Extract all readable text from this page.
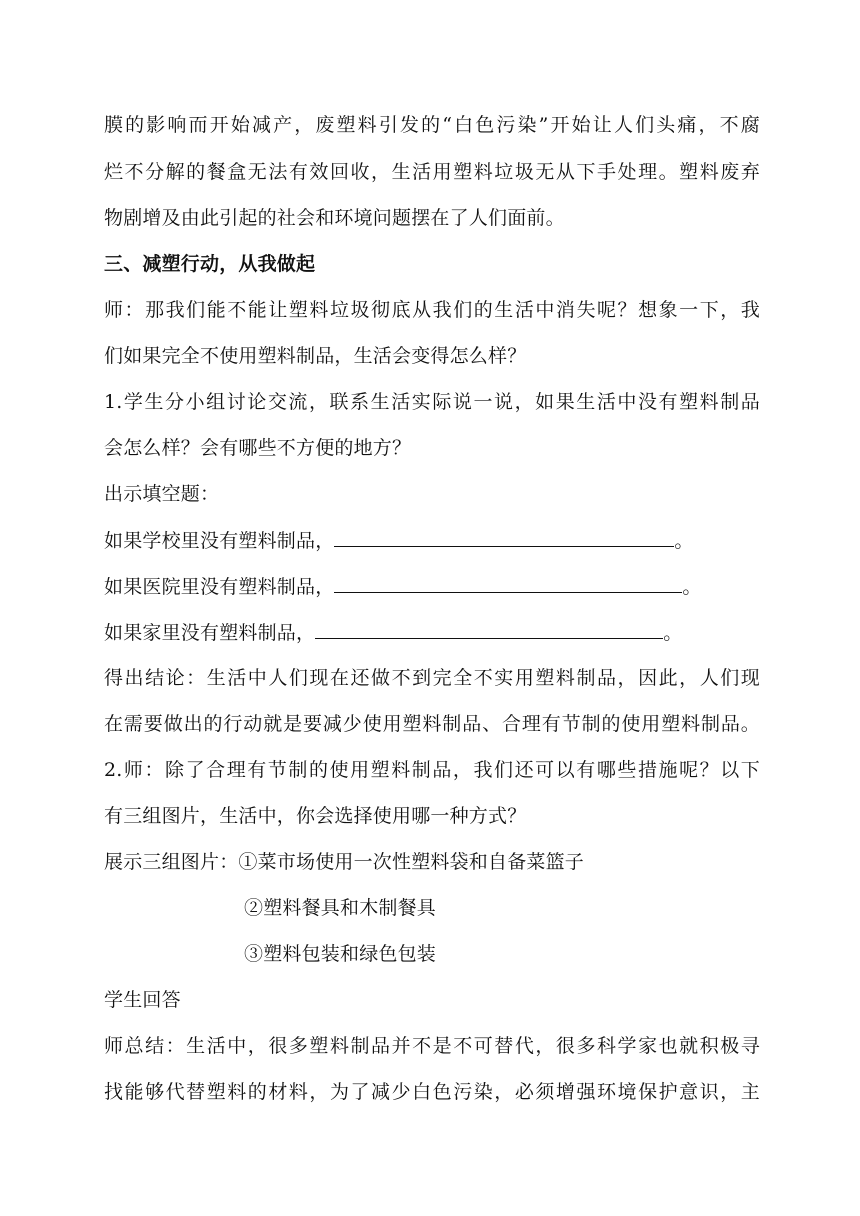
膜的影响而开始减产，废塑料引发的“白色污染”开始让人们头痛，不腐
烂不分解的餐盒无法有效回收，生活用塑料垃圾无从下手处理。塑料废弃
物剧增及由此引起的社会和环境问题摆在了人们面前。
三、减塑行动，从我做起
师：那我们能不能让塑料垃圾彻底从我们的生活中消失呢？想象一下，我
们如果完全不使用塑料制品，生活会变得怎么样？
1.学生分小组讨论交流，联系生活实际说一说，如果生活中没有塑料制品
会怎么样？会有哪些不方便的地方？
出示填空题：
如果学校里没有塑料制品，	。
如果医院里没有塑料制品，	。
如果家里没有塑料制品，	。
得出结论：生活中人们现在还做不到完全不实用塑料制品，因此，人们现
在需要做出的行动就是要减少使用塑料制品、合理有节制的使用塑料制品。
2.师：除了合理有节制的使用塑料制品，我们还可以有哪些措施呢？以下
有三组图片，生活中，你会选择使用哪一种方式？
展示三组图片：①菜市场使用一次性塑料袋和自备菜篮子
②塑料餐具和木制餐具
③塑料包装和绿色包装
学生回答
师总结：生活中，很多塑料制品并不是不可替代，很多科学家也就积极寻
找能够代替塑料的材料，为了减少白色污染，必须增强环境保护意识，主
